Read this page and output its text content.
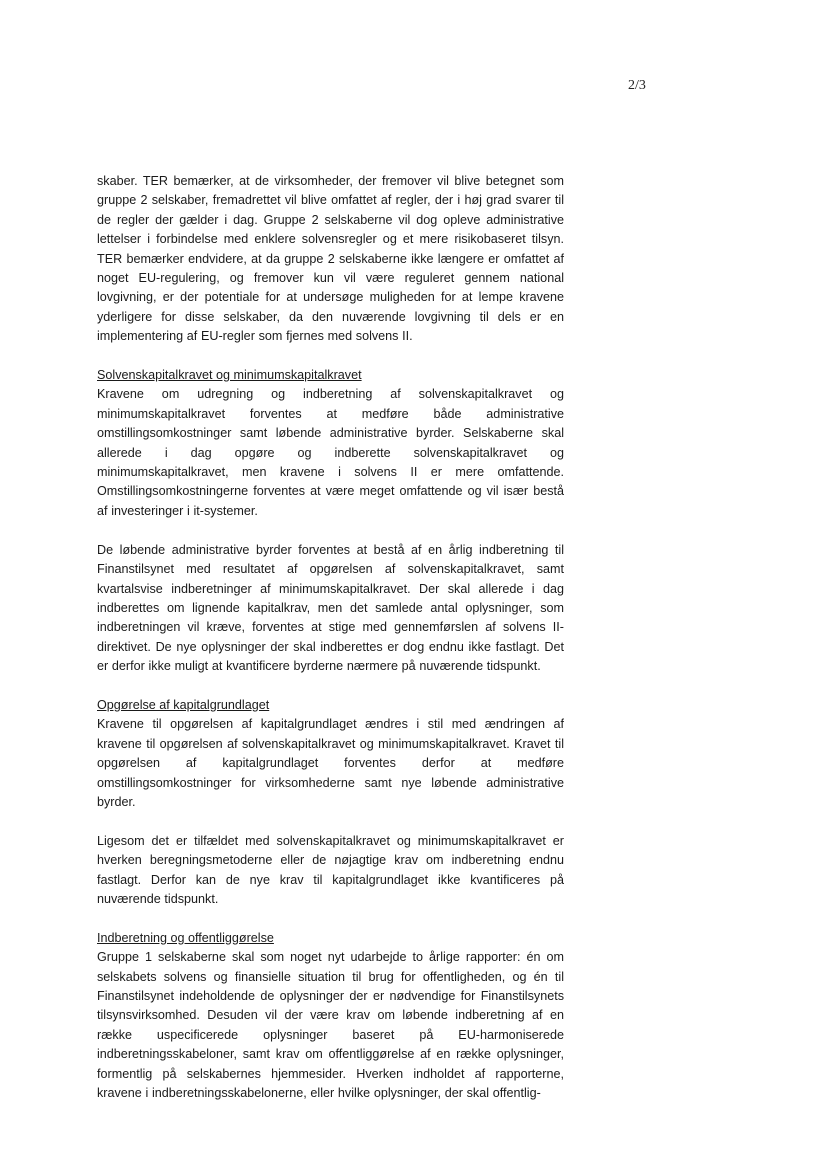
2/3

skaber. TER bemærker, at de virksomheder, der fremover vil blive betegnet som gruppe 2 selskaber, fremadrettet vil blive omfattet af regler, der i høj grad svarer til de regler der gælder i dag. Gruppe 2 selskaberne vil dog opleve administrative lettelser i forbindelse med enklere solvensregler og et mere risikobaseret tilsyn. TER bemærker endvidere, at da gruppe 2 selskaberne ikke længere er omfattet af noget EU-regulering, og fremover kun vil være reguleret gennem national lovgivning, er der potentiale for at undersøge muligheden for at lempe kravene yderligere for disse selskaber, da den nuværende lovgivning til dels er en implementering af EU-regler som fjernes med solvens II.

Solvenskapitalkravet og minimumskapitalkravet

Kravene om udregning og indberetning af solvenskapitalkravet og minimumskapitalkravet forventes at medføre både administrative omstillingsomkostninger samt løbende administrative byrder. Selskaberne skal allerede i dag opgøre og indberette solvenskapitalkravet og minimumskapitalkravet, men kravene i solvens II er mere omfattende. Omstillingsomkostningerne forventes at være meget omfattende og vil især bestå af investeringer i it-systemer.

De løbende administrative byrder forventes at bestå af en årlig indberetning til Finanstilsynet med resultatet af opgørelsen af solvenskapitalkravet, samt kvartalsvise indberetninger af minimumskapitalkravet. Der skal allerede i dag indberettes om lignende kapitalkrav, men det samlede antal oplysninger, som indberetningen vil kræve, forventes at stige med gennemførslen af solvens II-direktivet. De nye oplysninger der skal indberettes er dog endnu ikke fastlagt. Det er derfor ikke muligt at kvantificere byrderne nærmere på nuværende tidspunkt.

Opgørelse af kapitalgrundlaget

Kravene til opgørelsen af kapitalgrundlaget ændres i stil med ændringen af kravene til opgørelsen af solvenskapitalkravet og minimumskapitalkravet. Kravet til opgørelsen af kapitalgrundlaget forventes derfor at medføre omstillingsomkostninger for virksomhederne samt nye løbende administrative byrder.

Ligesom det er tilfældet med solvenskapitalkravet og minimumskapitalkravet er hverken beregningsmetoderne eller de nøjagtige krav om indberetning endnu fastlagt. Derfor kan de nye krav til kapitalgrundlaget ikke kvantificeres på nuværende tidspunkt.

Indberetning og offentliggørelse

Gruppe 1 selskaberne skal som noget nyt udarbejde to årlige rapporter: én om selskabets solvens og finansielle situation til brug for offentligheden, og én til Finanstilsynet indeholdende de oplysninger der er nødvendige for Finanstilsynets tilsynsvirksomhed. Desuden vil der være krav om løbende indberetning af en række uspecificerede oplysninger baseret på EU-harmoniserede indberetningsskabeloner, samt krav om offentliggørelse af en række oplysninger, formentlig på selskabernes hjemmesider. Hverken indholdet af rapporterne, kravene i indberetningsskabelonerne, eller hvilke oplysninger, der skal offentlig-
